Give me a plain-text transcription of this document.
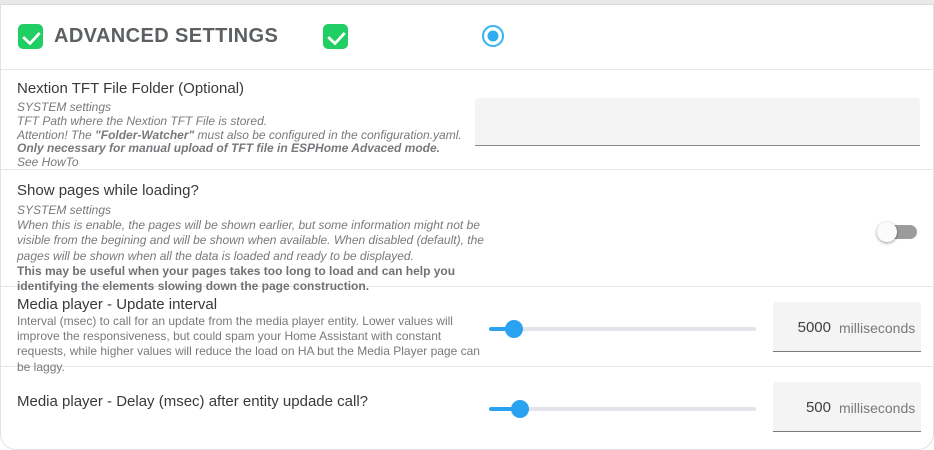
ADVANCED SETTINGS
Nextion TFT File Folder (Optional)
SYSTEM settings
TFT Path where the Nextion TFT File is stored.
Attention! The "Folder-Watcher" must also be configured in the configuration.yaml.
Only necessary for manual upload of TFT file in ESPHome Advaced mode.
See HowTo
Show pages while loading?
SYSTEM settings
When this is enable, the pages will be shown earlier, but some information might not be visible from the begining and will be shown when available. When disabled (default), the pages will be shown when all the data is loaded and ready to be displayed.
This may be useful when your pages takes too long to load and can help you identifying the elements slowing down the page construction.
Media player - Update interval
Interval (msec) to call for an update from the media player entity. Lower values will improve the responsiveness, but could spam your Home Assistant with constant requests, while higher values will reduce the load on HA but the Media Player page can be laggy.
5000 milliseconds
Media player - Delay (msec) after entity updade call?	500 milliseconds
